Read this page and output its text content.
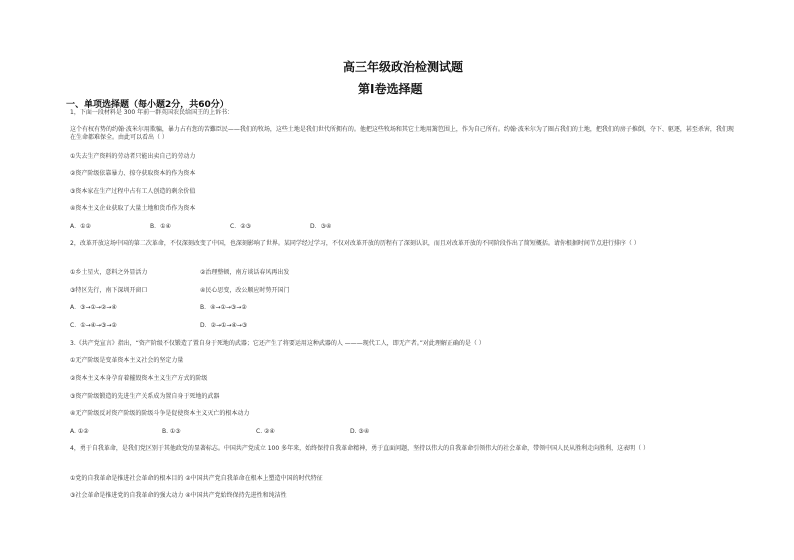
高三年级政治检测试题
第Ⅰ卷选择题
一、单项选择题（每小题2分，共60分）
1，下面一段材料是 300 年前一群英国农民给国王的上诉书：
这个有权有势的约翰·波米尔用欺骗，暴力占有您的苦難臣民——我们的牧场，这些土地是我们世代所拥有的。他把这些牧场和其它土地用篱笆围上，作为自己所有。约翰·波米尔为了圈占我们的土地，把我们的房子推倒，夺下、驱逐，甚至杀害，我们现在生命都难保全。由此可以看出（ ）
①失去生产资料的劳动者只能出卖自己的劳动力
②资产阶级依靠暴力、掠夺获取资本的作为资本
③资本家在生产过程中占有工人创造的剩余价值
④资本主义企业获取了大量土地和货币作为资本
A．①②	B．①④	C．②③	D．③④
2，改革开放这场中国的第二次革命，不仅深刻改变了中国，也深刻影响了世界。某同学经过学习，不仅对改革开放的历程有了深刻认识，而且对改革开放的不同阶段作出了简短概括。请你根据时间节点进行排序（ ）
①乡土星火，意料之外显活力	②治理整顿，南方谈话春风再出发
③特区先行，南下深圳开窗口	④民心思变，改公顺应时势开国门
A．③→①→②→④	B．④→①→③→②
C．①→④→③→②	D．②→①→④→③
3.《共产党宣言》指出，“资产阶级不仅锻造了置自身于死地的武器；它还产生了将要运用这种武器的人 ———现代工人，即无产者。”对此理解正确的是（ ）
①无产阶级是变革资本主义社会的坚定力量
②资本主义本身孕育着摧毁资本主义生产方式的阶级
③资产阶级锻造的先进生产关系成为置自身于死地的武器
④无产阶级反对资产阶级的阶级斗争是促使资本主义灭亡的根本动力
A. ①②	B. ①③	C. ②④	D. ③④
4，勇于自我革命，是我们党区别于其他政党的显著标志。中国共产党成立 100 多年来，始终保持自我革命精神，勇于直面问题，坚持以伟大的自我革命引领伟大的社会革命，带领中国人民从胜利走向胜利，这表明（ ）
①党的自我革命是推进社会革命的根本目的 ②中国共产党自我革命在根本上塑造中国的时代特征
③社会革命是推进党的自我革命的强大动力 ④中国共产党始终保持先进性和纯洁性
